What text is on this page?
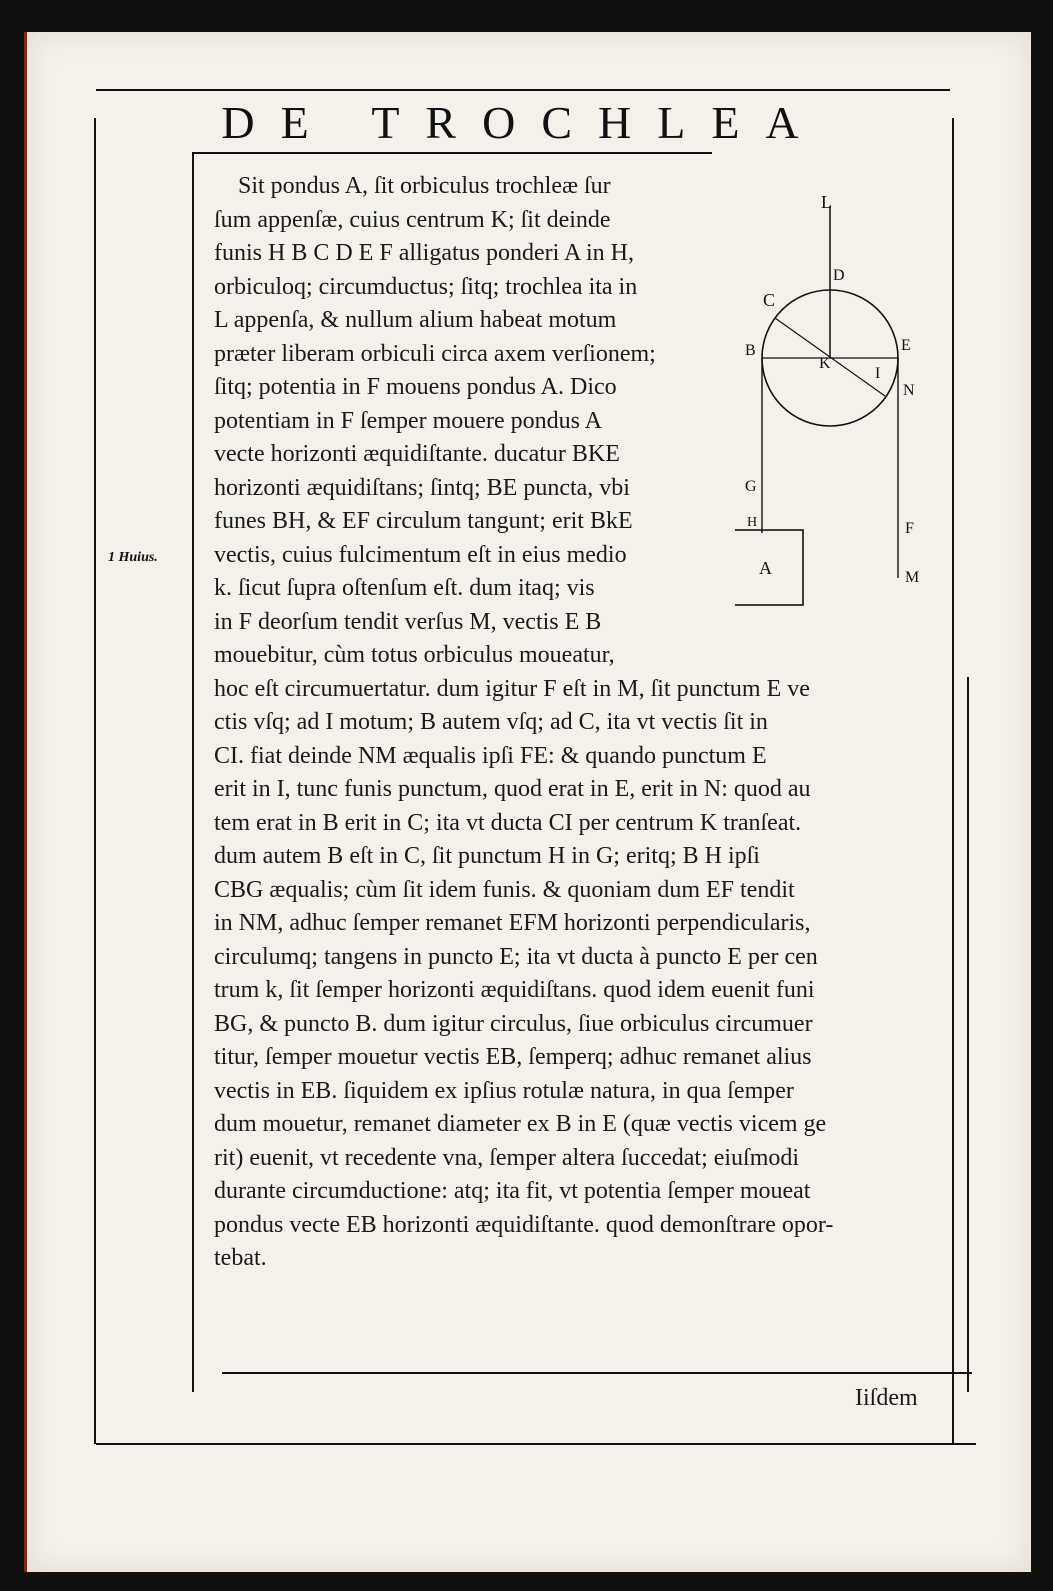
DE TROCHLEA
1 Huius.
Sit pondus A, ſit orbiculus trochleæ ſur
ſum appenſæ, cuius centrum K; ſit deinde
funis H B C D E F alligatus ponderi A in H,
orbiculoq; circumductus; ſitq; trochlea ita in
L appenſa, & nullum alium habeat motum
præter liberam orbiculi circa axem verſionem;
ſitq; potentia in F mouens pondus A. Dico
potentiam in F ſemper mouere pondus A
vecte horizonti æquidiſtante. ducatur BKE
horizonti æquidiſtans; ſintq; BE puncta, vbi
funes BH, & EF circulum tangunt; erit BkE
vectis, cuius fulcimentum eſt in eius medio
k. ſicut ſupra oſtenſum eſt. dum itaq; vis
in F deorſum tendit verſus M, vectis E B
mouebitur, cùm totus orbiculus moueatur,
hoc eſt circumuertatur. dum igitur F eſt in M, ſit punctum E ve
ctis vſq; ad I motum; B autem vſq; ad C, ita vt vectis ſit in
CI. fiat deinde NM æqualis ipſi FE: & quando punctum E
erit in I, tunc funis punctum, quod erat in E, erit in N: quod au
tem erat in B erit in C; ita vt ducta CI per centrum K tranſeat.
dum autem B eſt in C, ſit punctum H in G; eritq; B H ipſi
CBG æqualis; cùm ſit idem funis. & quoniam dum EF tendit
in NM, adhuc ſemper remanet EFM horizonti perpendicularis,
circulumq; tangens in puncto E; ita vt ducta à puncto E per cen
trum k, ſit ſemper horizonti æquidiſtans. quod idem euenit funi
BG, & puncto B. dum igitur circulus, ſiue orbiculus circumuer
titur, ſemper mouetur vectis EB, ſemperq; adhuc remanet alius
vectis in EB. ſiquidem ex ipſius rotulæ natura, in qua ſemper
dum mouetur, remanet diameter ex B in E (quæ vectis vicem ge
rit) euenit, vt recedente vna, ſemper altera ſuccedat; eiuſmodi
durante circumductione: atq; ita fit, vt potentia ſemper moueat
pondus vecte EB horizonti æquidiſtante. quod demonſtrare opor-
tebat.
L
D
C
B
K
I
E
N
G
H	F
A	M
Iiſdem
